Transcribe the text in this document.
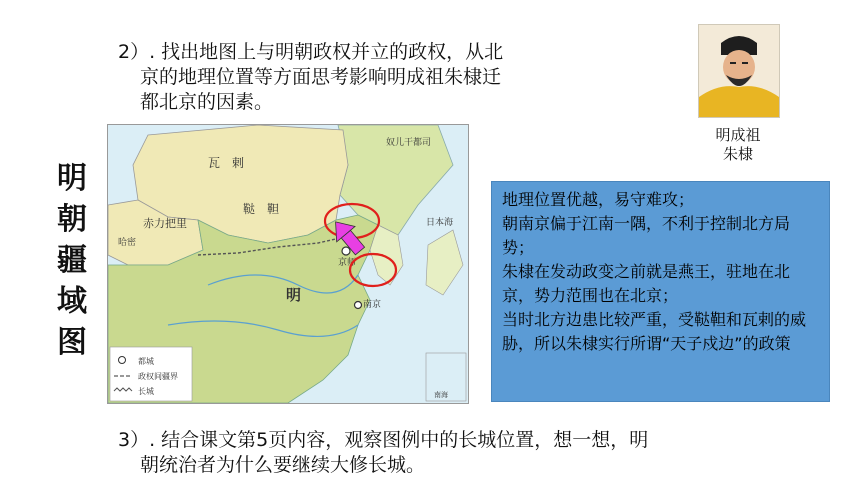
2）. 找出地图上与明朝政权并立的政权，从北
京的地理位置等方面思考影响明成祖朱棣迁
都北京的因素。
明
朝
疆
域
图
瓦　剌
鞑　靼
赤力把里
哈密
明
京师
南京
奴儿干都司
日本海
都城
政权间疆界
长城	南海
明成祖
朱棣

地理位置优越，易守难攻；

朝南京偏于江南一隅，不利于控制北方局势；

朱棣在发动政变之前就是燕王，驻地在北京，势力范围也在北京；

当时北方边患比较严重，受鞑靼和瓦剌的威胁，所以朱棣实行所谓“天子戍边”的政策

3）. 结合课文第5页内容，观察图例中的长城位置，想一想，明
朝统治者为什么要继续大修长城。
